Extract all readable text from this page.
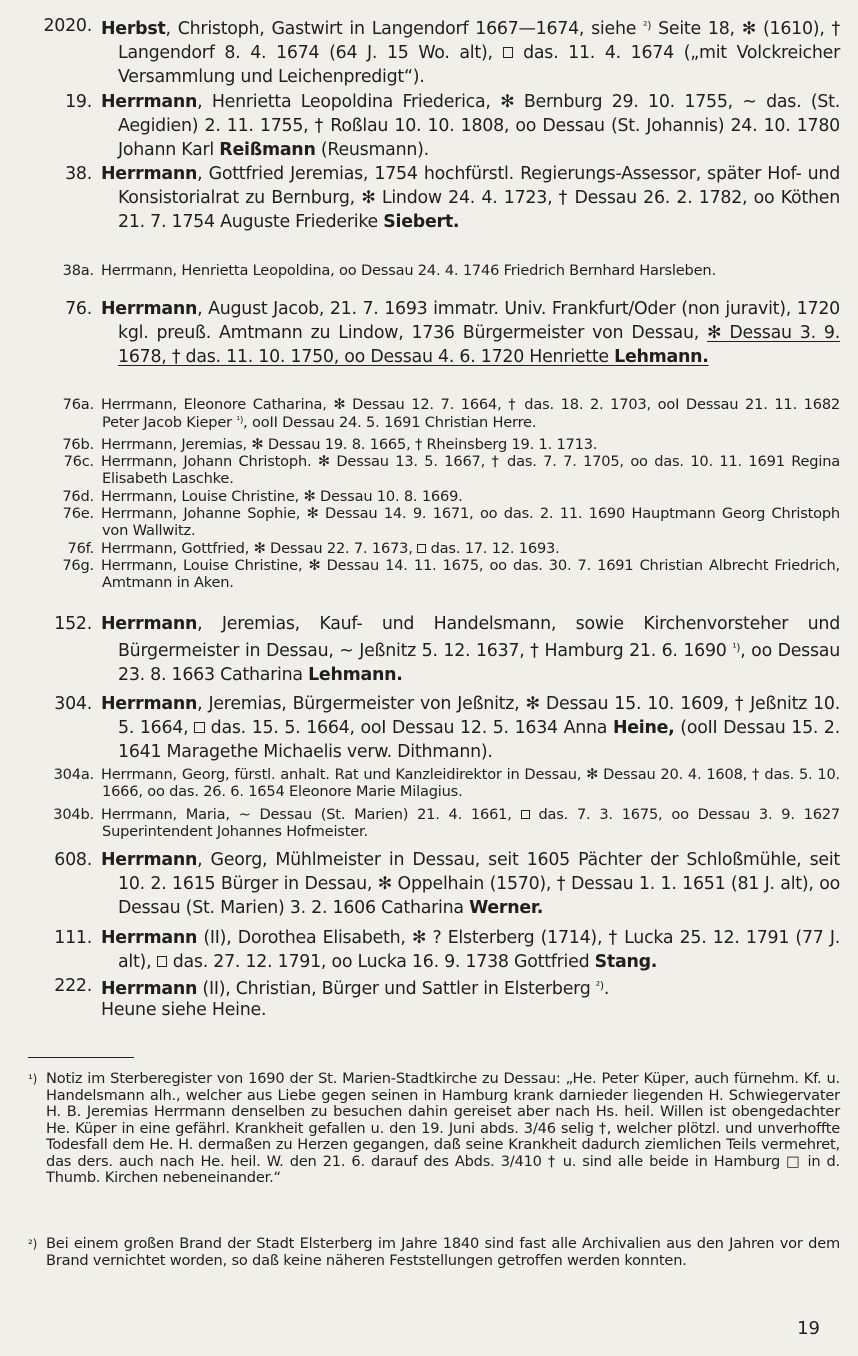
2020. Herbst, Christoph, Gastwirt in Langendorf 1667—1674, siehe $^{^2)}$ Seite 18, ✻ (1610), † Langendorf 8. 4. 1674 (64 J. 15 Wo. alt),  das. 11. 4. 1674 („mit Volckreicher Versammlung und Leichenpredigt“).
19. Herrmann, Henrietta Leopoldina Friederica, ✻ Bernburg 29. 10. 1755, ~ das. (St. Aegidien) 2. 11. 1755, † Roßlau 10. 10. 1808, oo Dessau (St. Johannis) 24. 10. 1780 Johann Karl Reißmann (Reusmann).
38. Herrmann, Gottfried Jeremias, 1754 hochfürstl. Regierungs-Assessor, später Hof- und Konsistorialrat zu Bernburg, ✻ Lindow 24. 4. 1723, † Dessau 26. 2. 1782, oo Köthen 21. 7. 1754 Auguste Friederike Siebert.
38a. Herrmann, Henrietta Leopoldina, oo Dessau 24. 4. 1746 Friedrich Bernhard Harsleben.
76. Herrmann, August Jacob, 21. 7. 1693 immatr. Univ. Frankfurt/Oder (non juravit), 1720 kgl. preuß. Amtmann zu Lindow, 1736 Bürgermeister von Dessau, ✻ Dessau 3. 9. 1678, † das. 11. 10. 1750, oo Dessau 4. 6. 1720 Henriette Lehmann.
76a. Herrmann, Eleonore Catharina, ✻ Dessau 12. 7. 1664, † das. 18. 2. 1703, ooI Dessau 21. 11. 1682 Peter Jacob Kieper $^{^1)}$, ooII Dessau 24. 5. 1691 Christian Herre.
76b. Herrmann, Jeremias, ✻ Dessau 19. 8. 1665, † Rheinsberg 19. 1. 1713.
76c. Herrmann, Johann Christoph. ✻ Dessau 13. 5. 1667, † das. 7. 7. 1705, oo das. 10. 11. 1691 Regina Elisabeth Laschke.
76d. Herrmann, Louise Christine, ✻ Dessau 10. 8. 1669.
76e. Herrmann, Johanne Sophie, ✻ Dessau 14. 9. 1671, oo das. 2. 11. 1690 Hauptmann Georg Christoph von Wallwitz.
76f. Herrmann, Gottfried, ✻ Dessau 22. 7. 1673,  das. 17. 12. 1693.
76g. Herrmann, Louise Christine, ✻ Dessau 14. 11. 1675, oo das. 30. 7. 1691 Christian Albrecht Friedrich, Amtmann in Aken.
152. Herrmann, Jeremias, Kauf- und Handelsmann, sowie Kirchenvorsteher und Bürgermeister in Dessau, ~ Jeßnitz 5. 12. 1637, † Hamburg 21. 6. 1690 $^{^1)}$, oo Dessau 23. 8. 1663 Catharina Lehmann.
304. Herrmann, Jeremias, Bürgermeister von Jeßnitz, ✻ Dessau 15. 10. 1609, † Jeßnitz 10. 5. 1664,  das. 15. 5. 1664, ooI Dessau 12. 5. 1634 Anna Heine, (ooII Dessau 15. 2. 1641 Maragethe Michaelis verw. Dithmann).
304a. Herrmann, Georg, fürstl. anhalt. Rat und Kanzleidirektor in Dessau, ✻ Dessau 20. 4. 1608, † das. 5. 10. 1666, oo das. 26. 6. 1654 Eleonore Marie Milagius.
304b. Herrmann, Maria, ~ Dessau (St. Marien) 21. 4. 1661,  das. 7. 3. 1675, oo Dessau 3. 9. 1627 Superintendent Johannes Hofmeister.
608. Herrmann, Georg, Mühlmeister in Dessau, seit 1605 Pächter der Schloßmühle, seit 10. 2. 1615 Bürger in Dessau, ✻ Oppelhain (1570), † Dessau 1. 1. 1651 (81 J. alt), oo Dessau (St. Marien) 3. 2. 1606 Catharina Werner.
111. Herrmann (II), Dorothea Elisabeth, ✻ ? Elsterberg (1714), † Lucka 25. 12. 1791 (77 J. alt),  das. 27. 12. 1791, oo Lucka 16. 9. 1738 Gottfried Stang.
222. Herrmann (II), Christian, Bürger und Sattler in Elsterberg $^{^2)}$.
Heune siehe Heine.
¹) Notiz im Sterberegister von 1690 der St. Marien-Stadtkirche zu Dessau: „He. Peter Küper, auch fürnehm. Kf. u. Handelsmann alh., welcher aus Liebe gegen seinen in Hamburg krank darnieder liegenden H. Schwiegervater H. B. Jeremias Herrmann denselben zu besuchen dahin gereiset aber nach Hs. heil. Willen ist obengedachter He. Küper in eine gefährl. Krankheit gefallen u. den 19. Juni abds. 3/46 selig †, welcher plötzl. und unverhoffte Todesfall dem He. H. dermaßen zu Herzen gegangen, daß seine Krankheit dadurch ziemlichen Teils vermehret, das ders. auch nach He. heil. W. den 21. 6. darauf des Abds. 3/410 † u. sind alle beide in Hamburg □ in d. Thumb. Kirchen nebeneinander.“
²) Bei einem großen Brand der Stadt Elsterberg im Jahre 1840 sind fast alle Archivalien aus den Jahren vor dem Brand vernichtet worden, so daß keine näheren Feststellungen getroffen werden konnten.
19
